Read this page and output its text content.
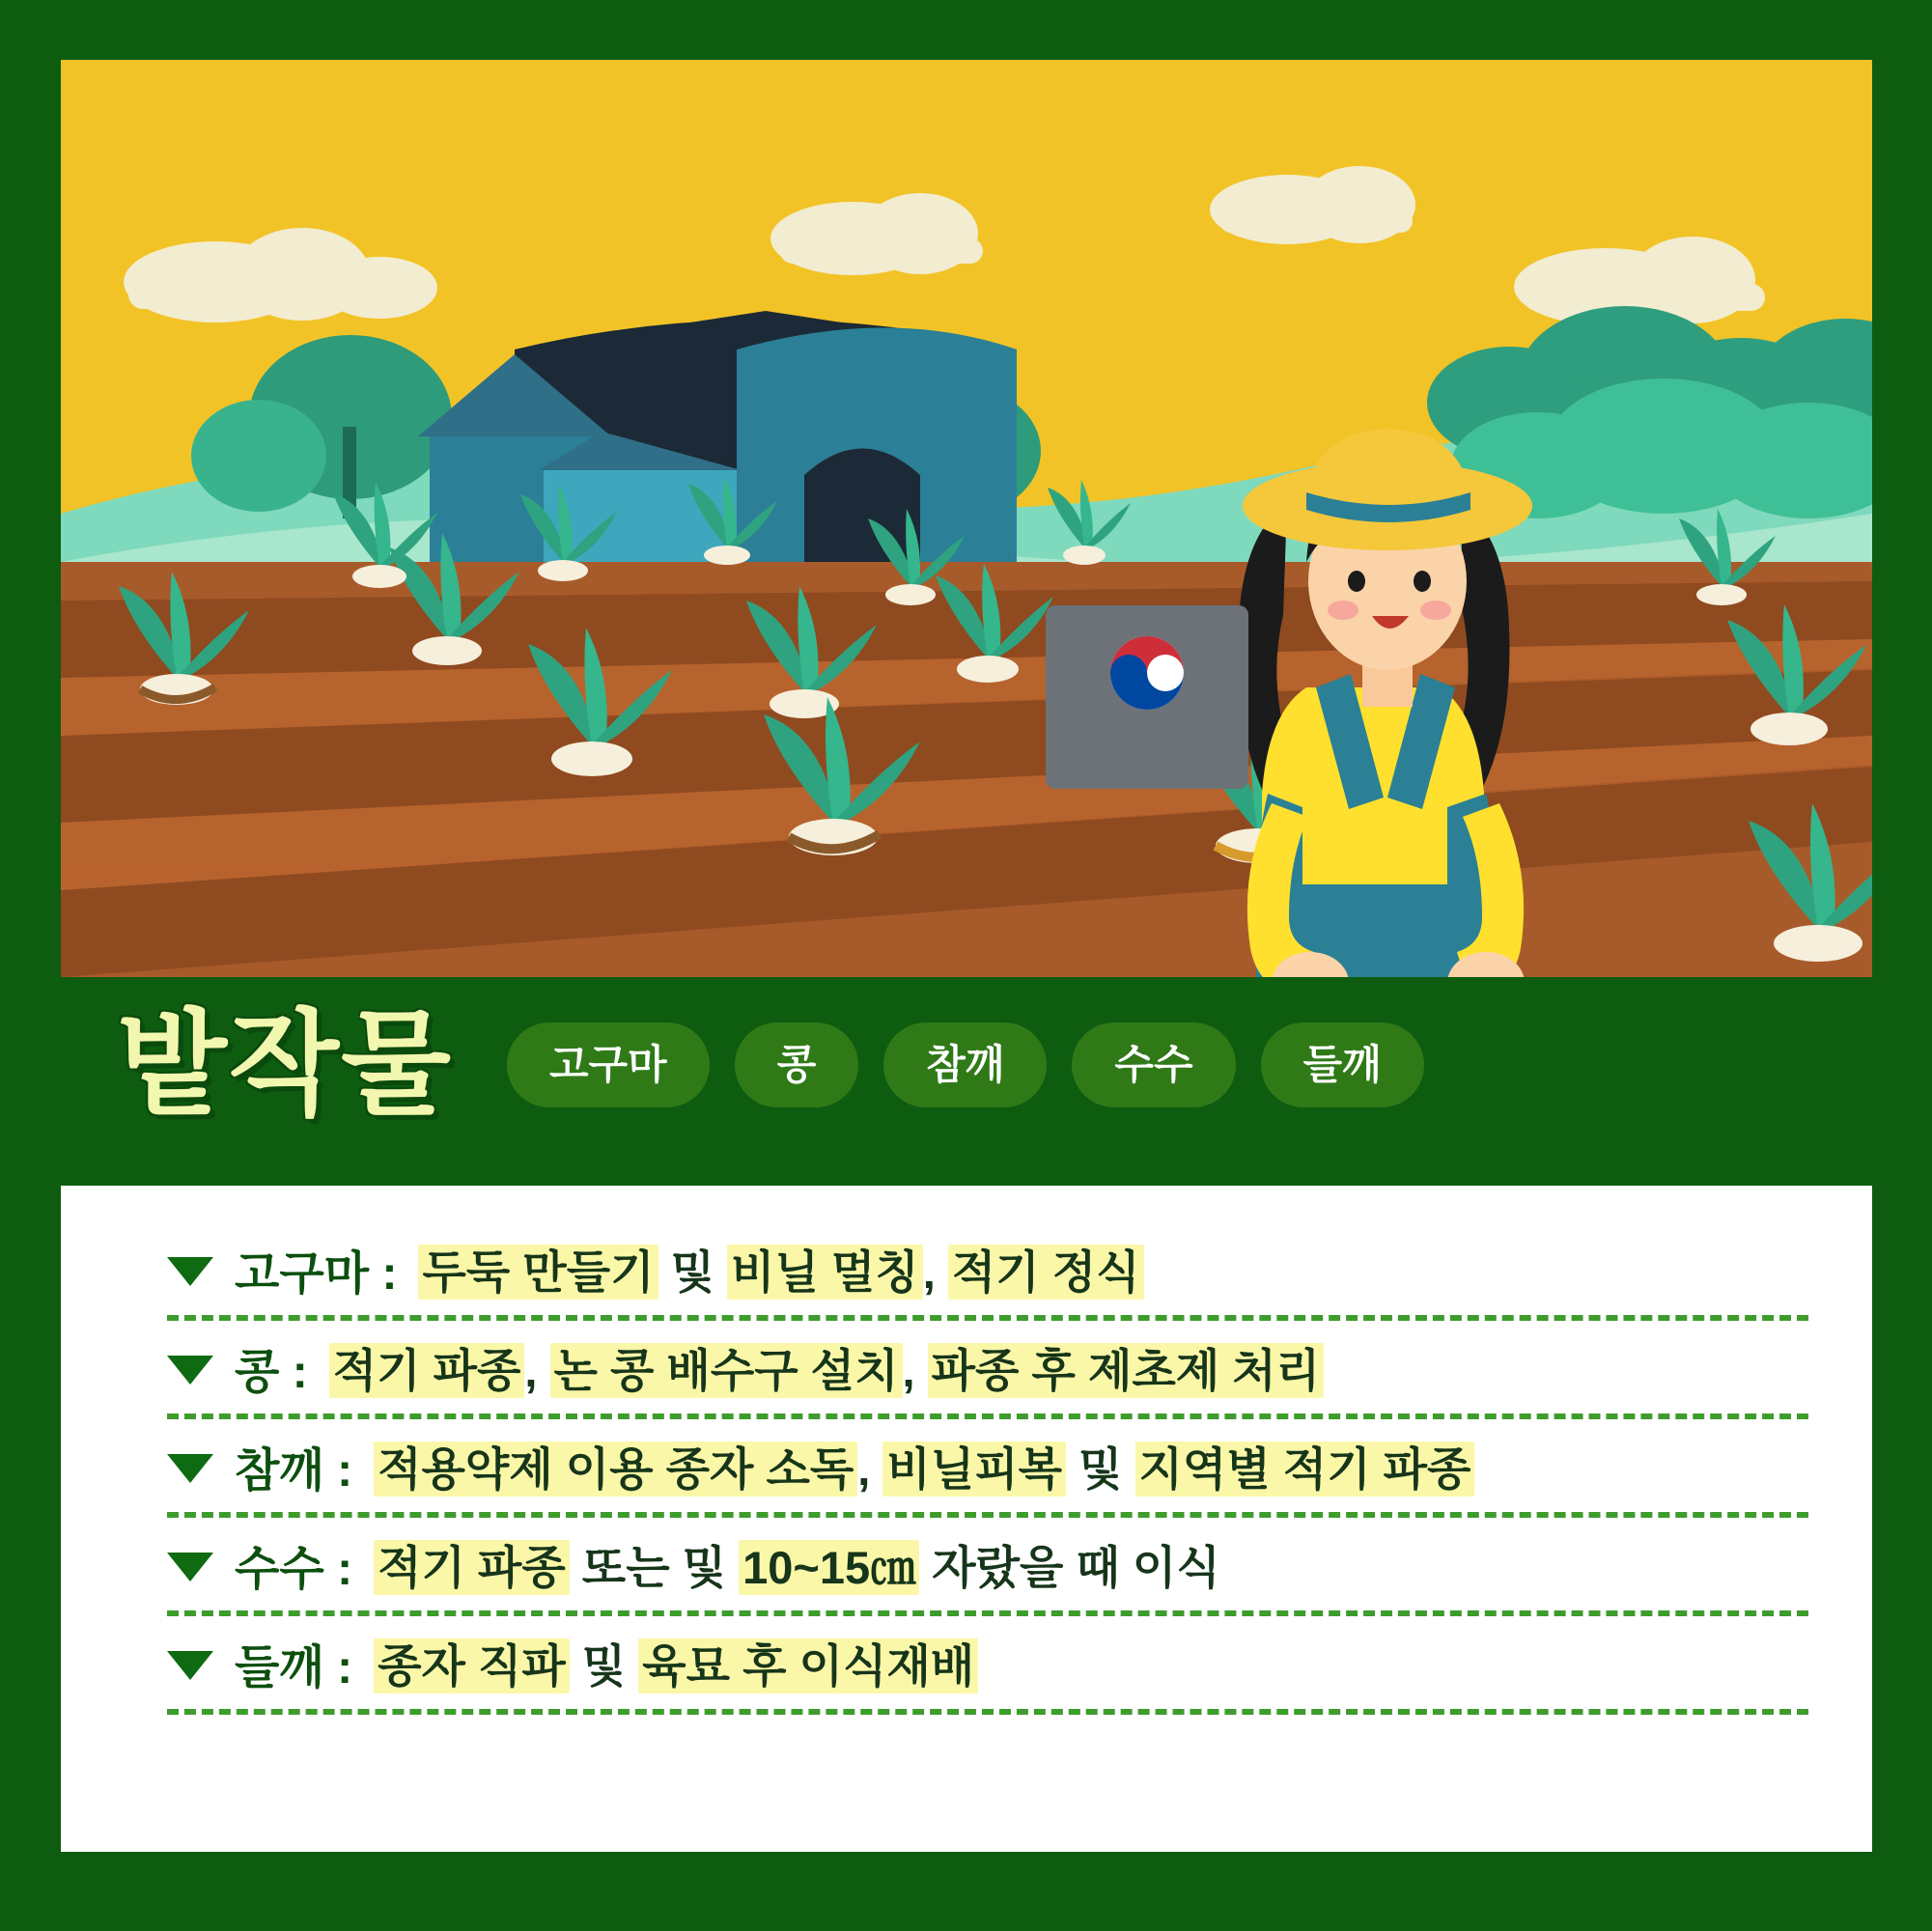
밭작물	고구마	콩	참깨	수수	들깨
고구마 : 두둑 만들기 및 비닐 멀칭, 적기 정식
콩 : 적기 파종, 논 콩 배수구 설치, 파종 후 제초제 처리
참깨 : 적용약제 이용 종자 소독, 비닐피복 및 지역별 적기 파종
수수 : 적기 파종 또는 및 10~15㎝ 자랐을 때 이식
들깨 : 종자 직파 및 육묘 후 이식재배
